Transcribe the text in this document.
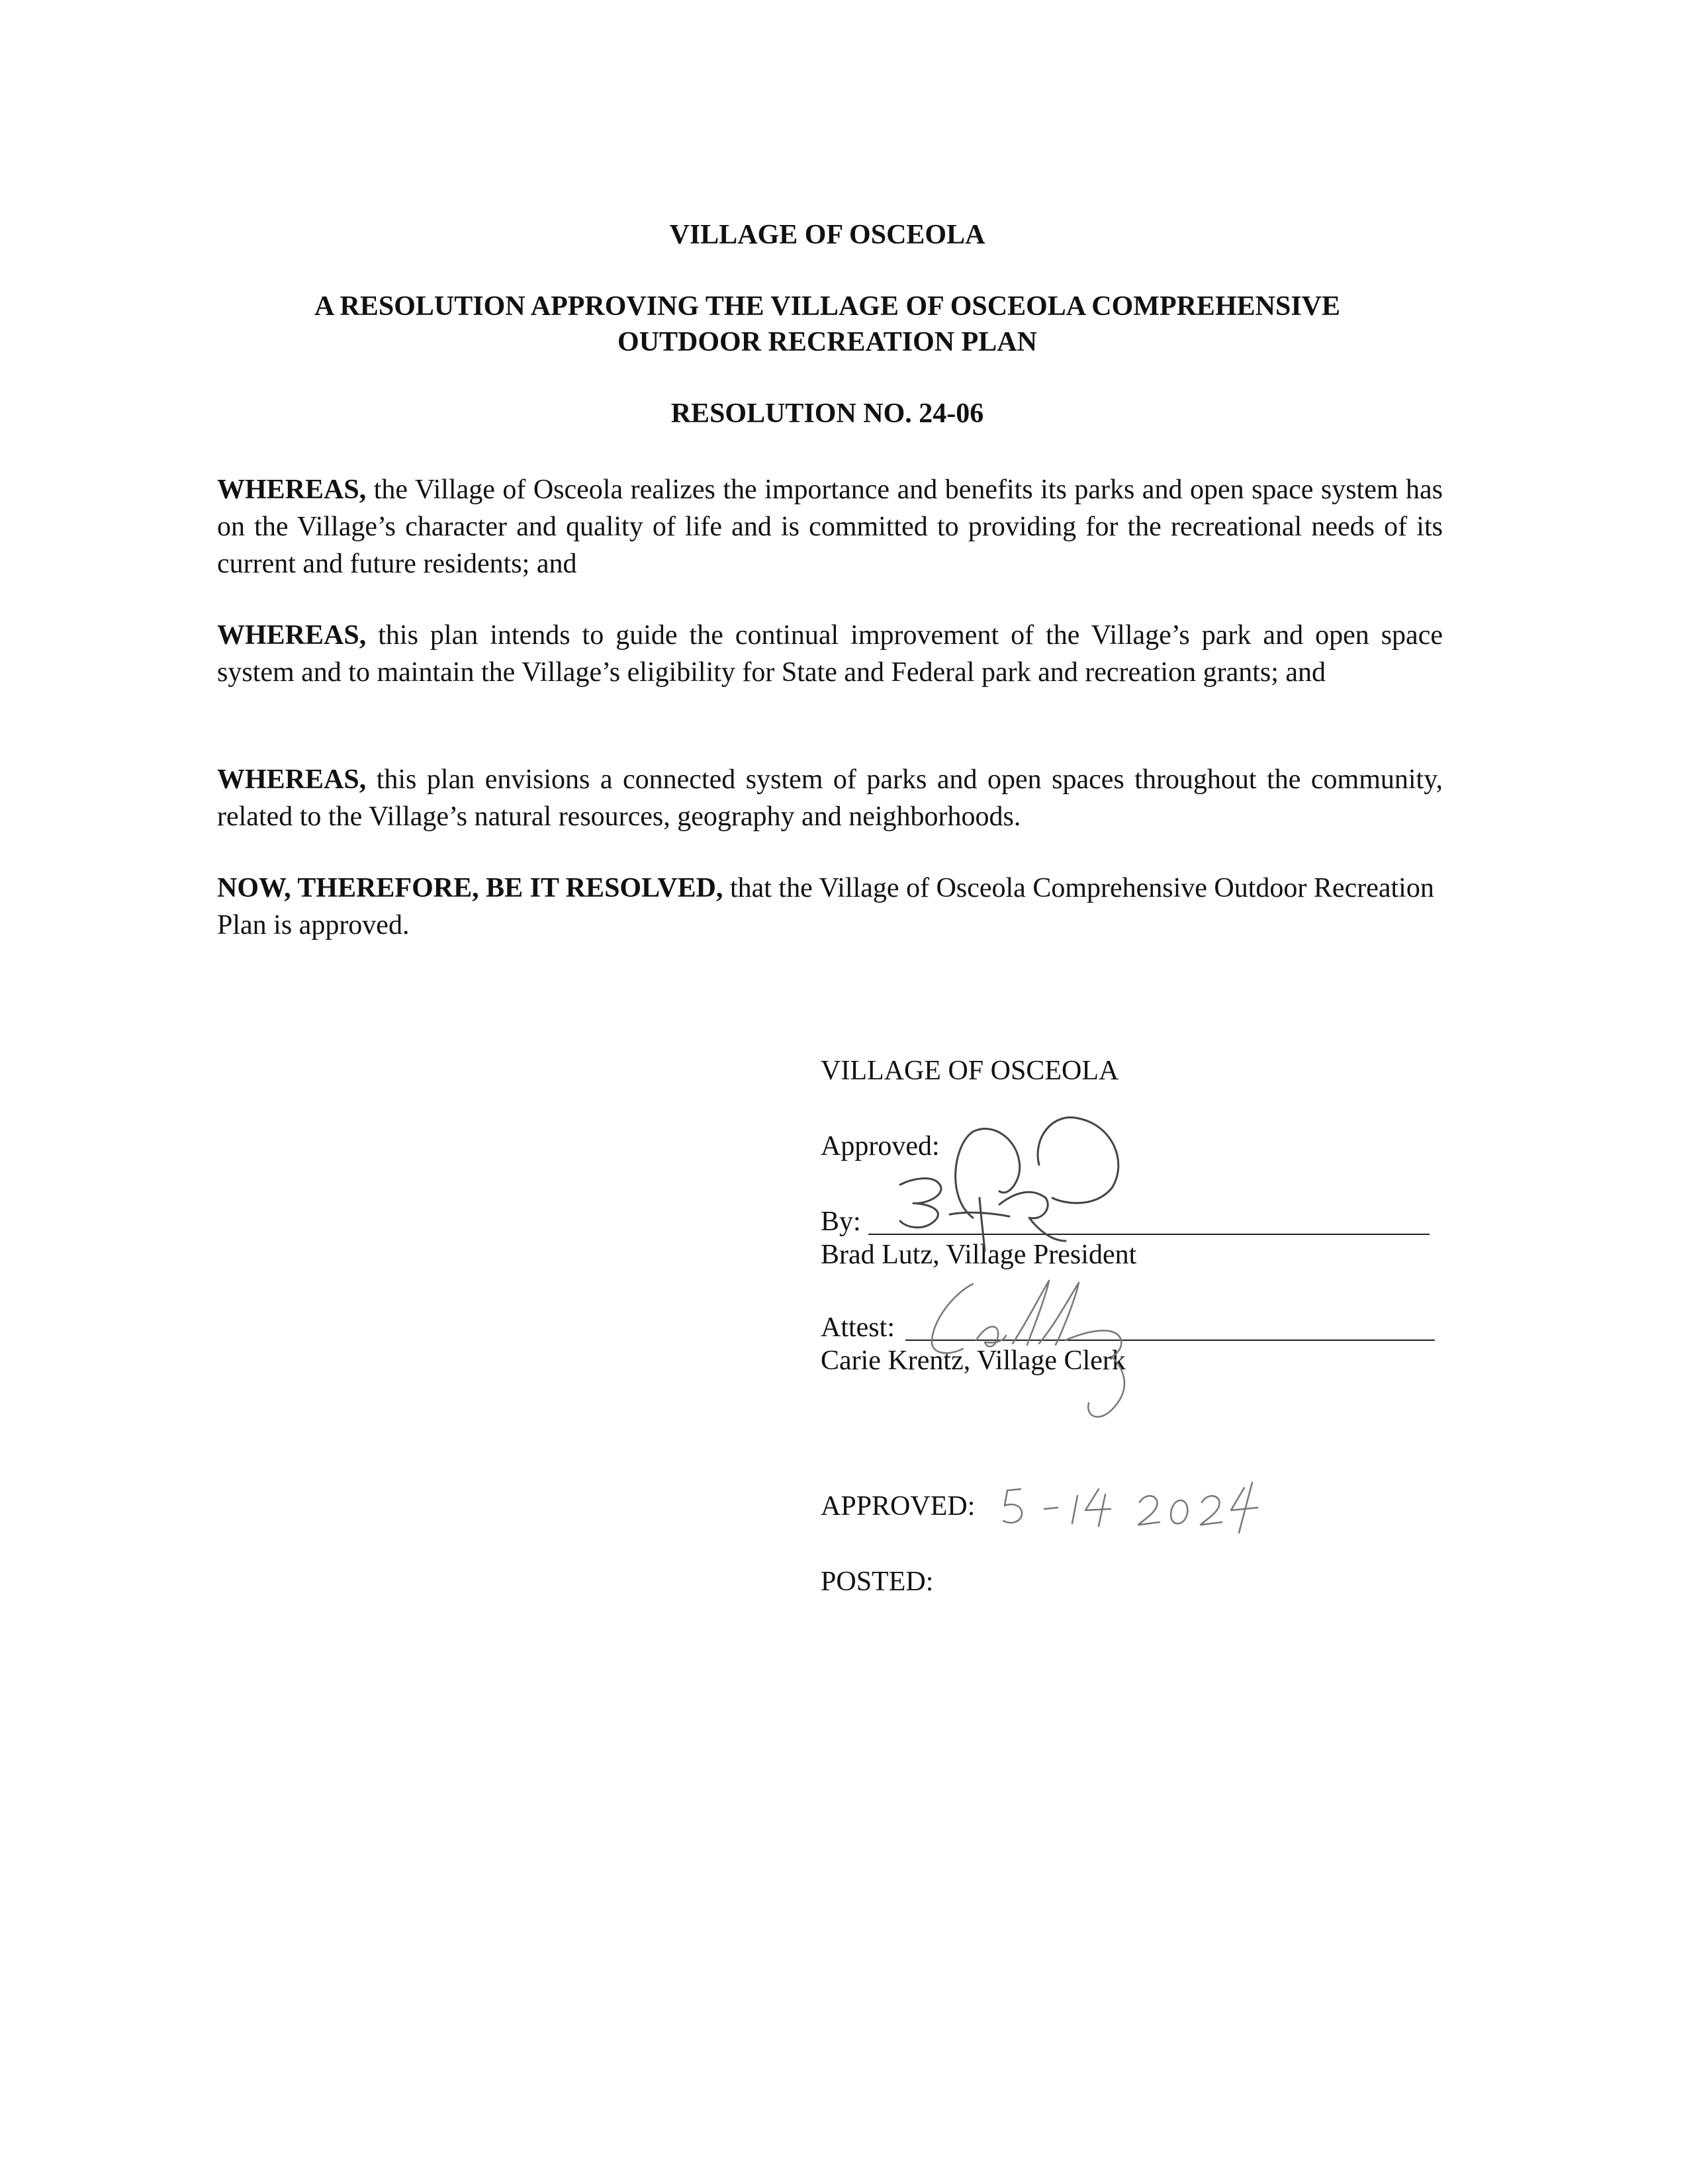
VILLAGE OF OSCEOLA

A RESOLUTION APPROVING THE VILLAGE OF OSCEOLA COMPREHENSIVE

OUTDOOR RECREATION PLAN

RESOLUTION NO. 24-06

WHEREAS, the Village of Osceola realizes the importance and benefits its parks and open space system has on the Village’s character and quality of life and is committed to providing for the recreational needs of its current and future residents; and

WHEREAS, this plan intends to guide the continual improvement of the Village’s park and open space system and to maintain the Village’s eligibility for State and Federal park and recreation grants; and

WHEREAS, this plan envisions a connected system of parks and open spaces throughout the community, related to the Village’s natural resources, geography and neighborhoods.

NOW, THEREFORE, BE IT RESOLVED, that the Village of Osceola Comprehensive Outdoor Recreation Plan is approved.

VILLAGE OF OSCEOLA

Approved:

By:

Brad Lutz, Village President

Attest:

Carie Krentz, Village Clerk

APPROVED:

POSTED:
